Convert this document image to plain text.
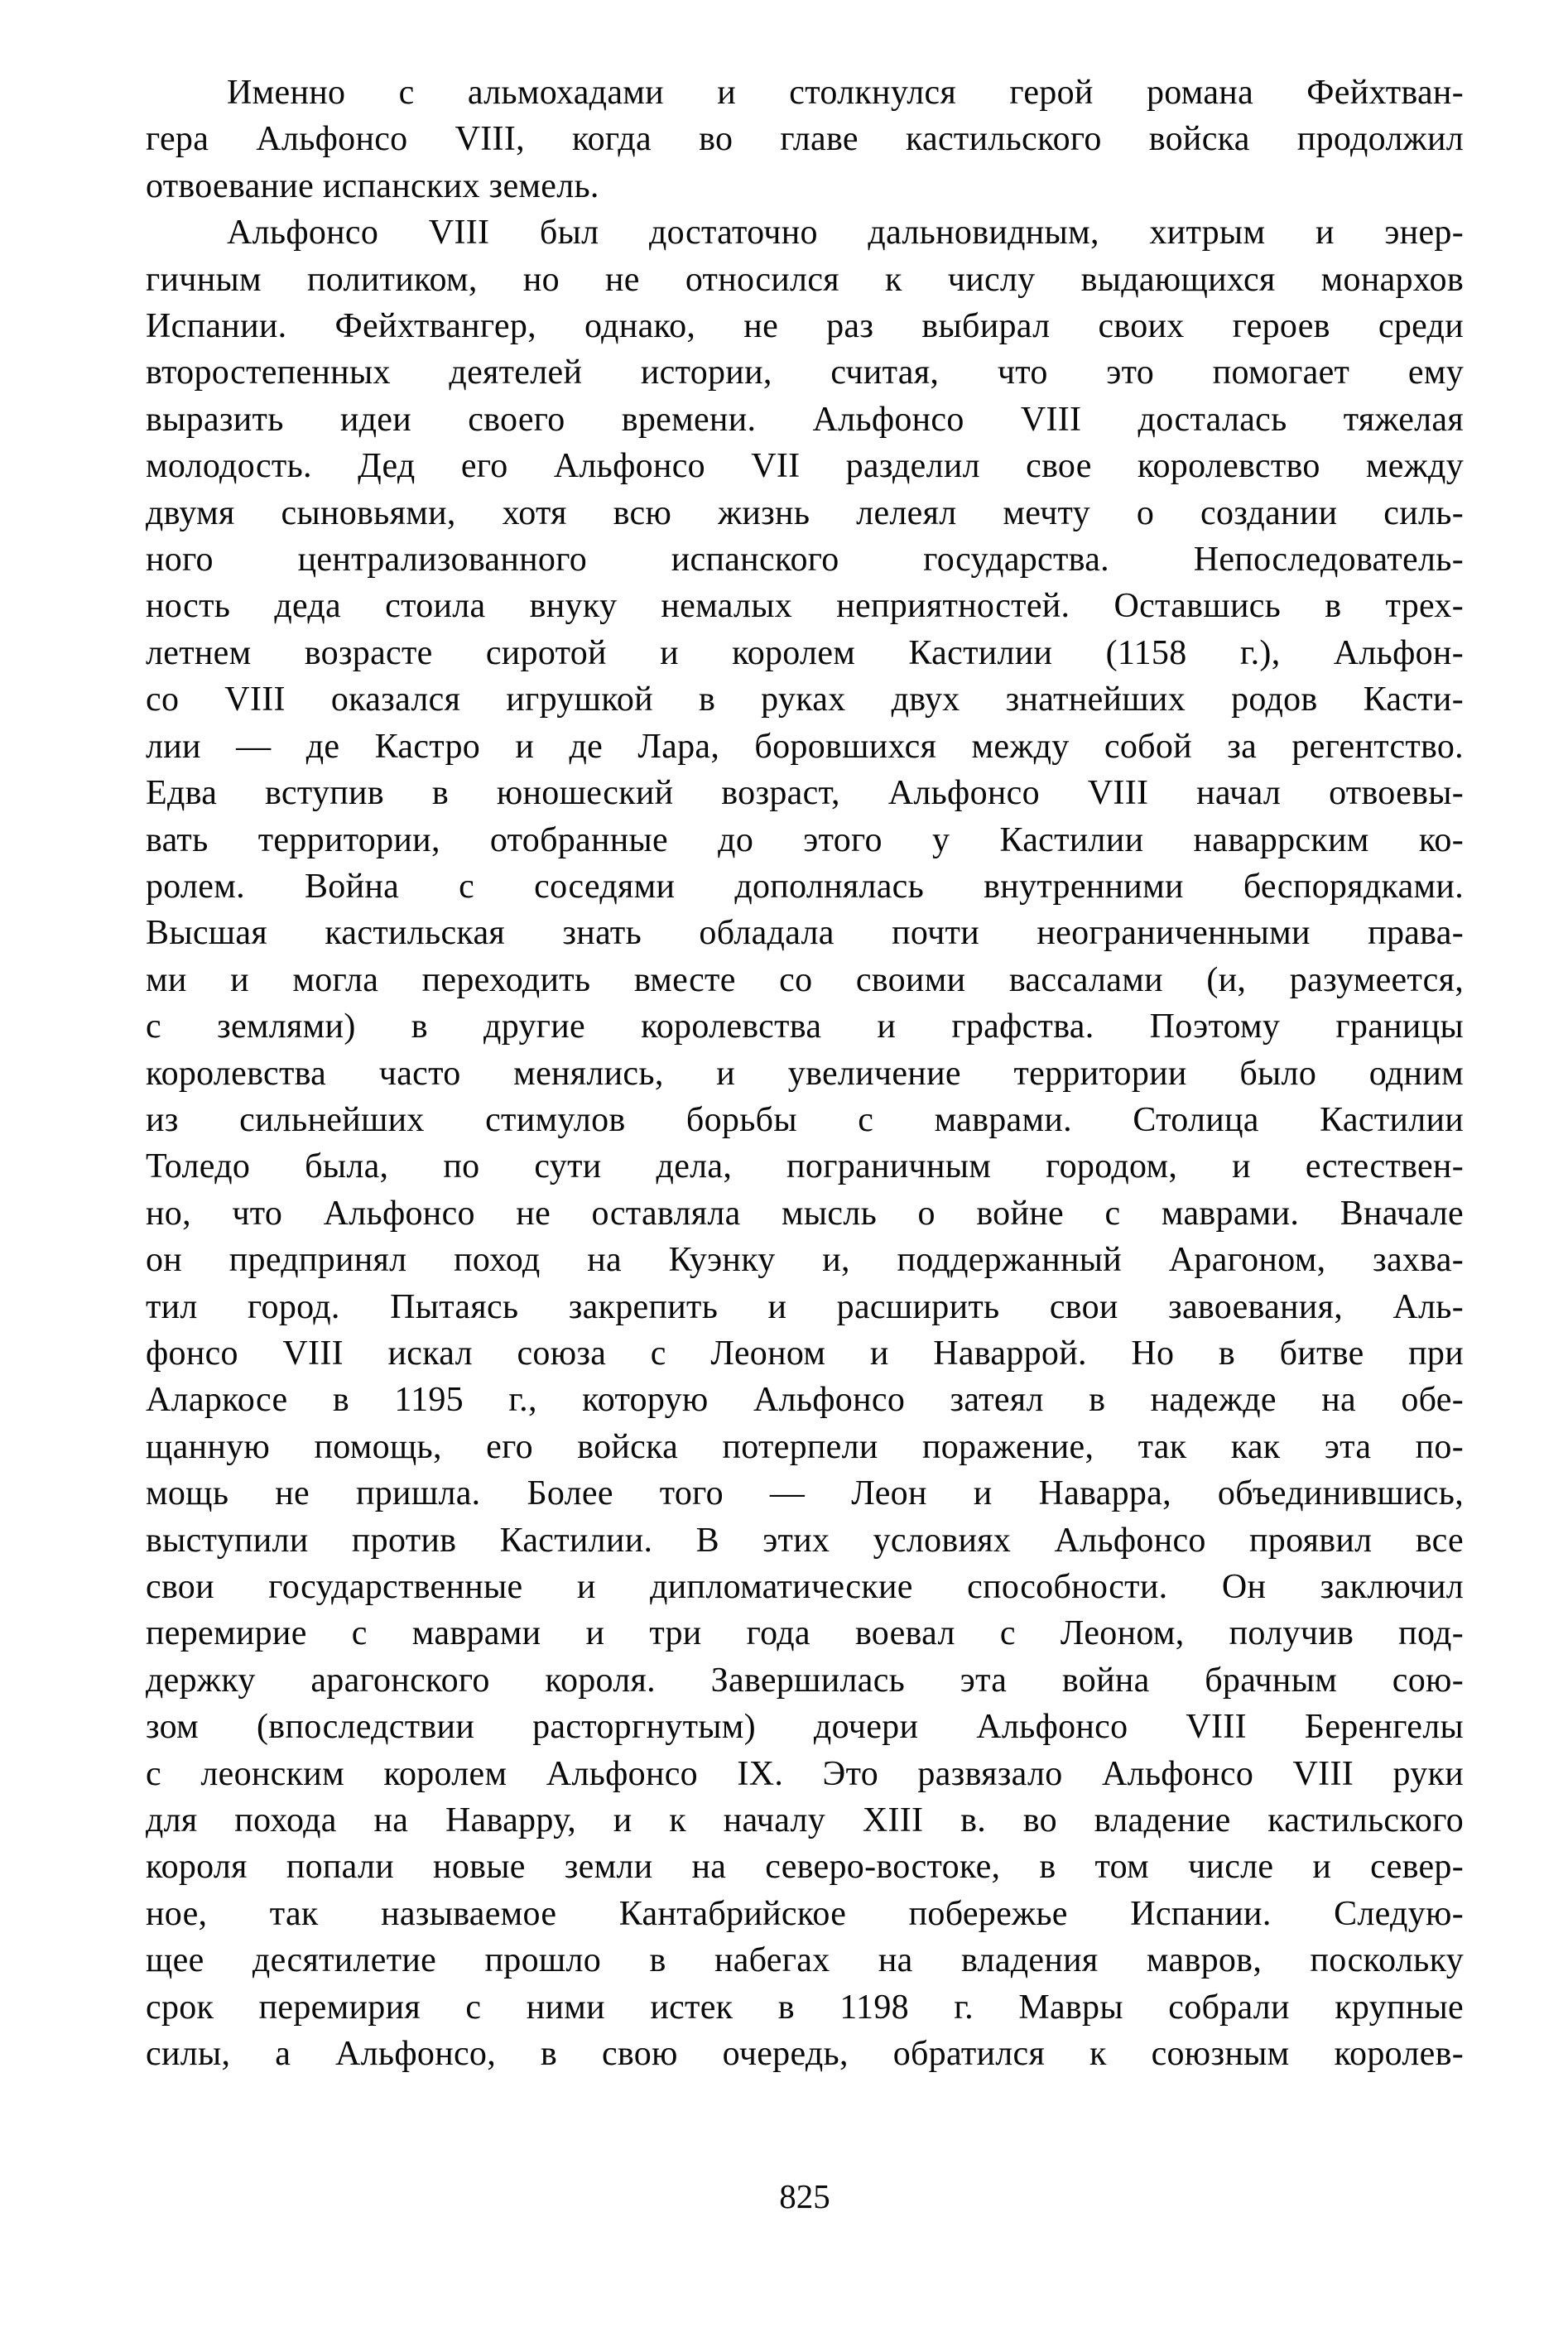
Именно с альмохадами и столкнулся герой романа Фейхтван-
гера Альфонсо VIII, когда во главе кастильского войска продолжил
отвоевание испанских земель.
Альфонсо VIII был достаточно дальновидным, хитрым и энер-
гичным политиком, но не относился к числу выдающихся монархов
Испании. Фейхтвангер, однако, не раз выбирал своих героев среди
второстепенных деятелей истории, считая, что это помогает ему
выразить идеи своего времени. Альфонсо VIII досталась тяжелая
молодость. Дед его Альфонсо VII разделил свое королевство между
двумя сыновьями, хотя всю жизнь лелеял мечту о создании силь-
ного централизованного испанского государства. Непоследователь-
ность деда стоила внуку немалых неприятностей. Оставшись в трех-
летнем возрасте сиротой и королем Кастилии (1158 г.), Альфон-
со VIII оказался игрушкой в руках двух знатнейших родов Касти-
лии — де Кастро и де Лара, боровшихся между собой за регентство.
Едва вступив в юношеский возраст, Альфонсо VIII начал отвоевы-
вать территории, отобранные до этого у Кастилии наваррским ко-
ролем. Война с соседями дополнялась внутренними беспорядками.
Высшая кастильская знать обладала почти неограниченными права-
ми и могла переходить вместе со своими вассалами (и, разумеется,
с землями) в другие королевства и графства. Поэтому границы
королевства часто менялись, и увеличение территории было одним
из сильнейших стимулов борьбы с маврами. Столица Кастилии
Толедо была, по сути дела, пограничным городом, и естествен-
но, что Альфонсо не оставляла мысль о войне с маврами. Вначале
он предпринял поход на Куэнку и, поддержанный Арагоном, захва-
тил город. Пытаясь закрепить и расширить свои завоевания, Аль-
фонсо VIII искал союза с Леоном и Наваррой. Но в битве при
Аларкосе в 1195 г., которую Альфонсо затеял в надежде на обе-
щанную помощь, его войска потерпели поражение, так как эта по-
мощь не пришла. Более того — Леон и Наварра, объединившись,
выступили против Кастилии. В этих условиях Альфонсо проявил все
свои государственные и дипломатические способности. Он заключил
перемирие с маврами и три года воевал с Леоном, получив под-
держку арагонского короля. Завершилась эта война брачным сою-
зом (впоследствии расторгнутым) дочери Альфонсо VIII Беренгелы
с леонским королем Альфонсо IX. Это развязало Альфонсо VIII руки
для похода на Наварру, и к началу XIII в. во владение кастильского
короля попали новые земли на северо-востоке, в том числе и север-
ное, так называемое Кантабрийское побережье Испании. Следую-
щее десятилетие прошло в набегах на владения мавров, поскольку
срок перемирия с ними истек в 1198 г. Мавры собрали крупные
силы, а Альфонсо, в свою очередь, обратился к союзным королев-
825
